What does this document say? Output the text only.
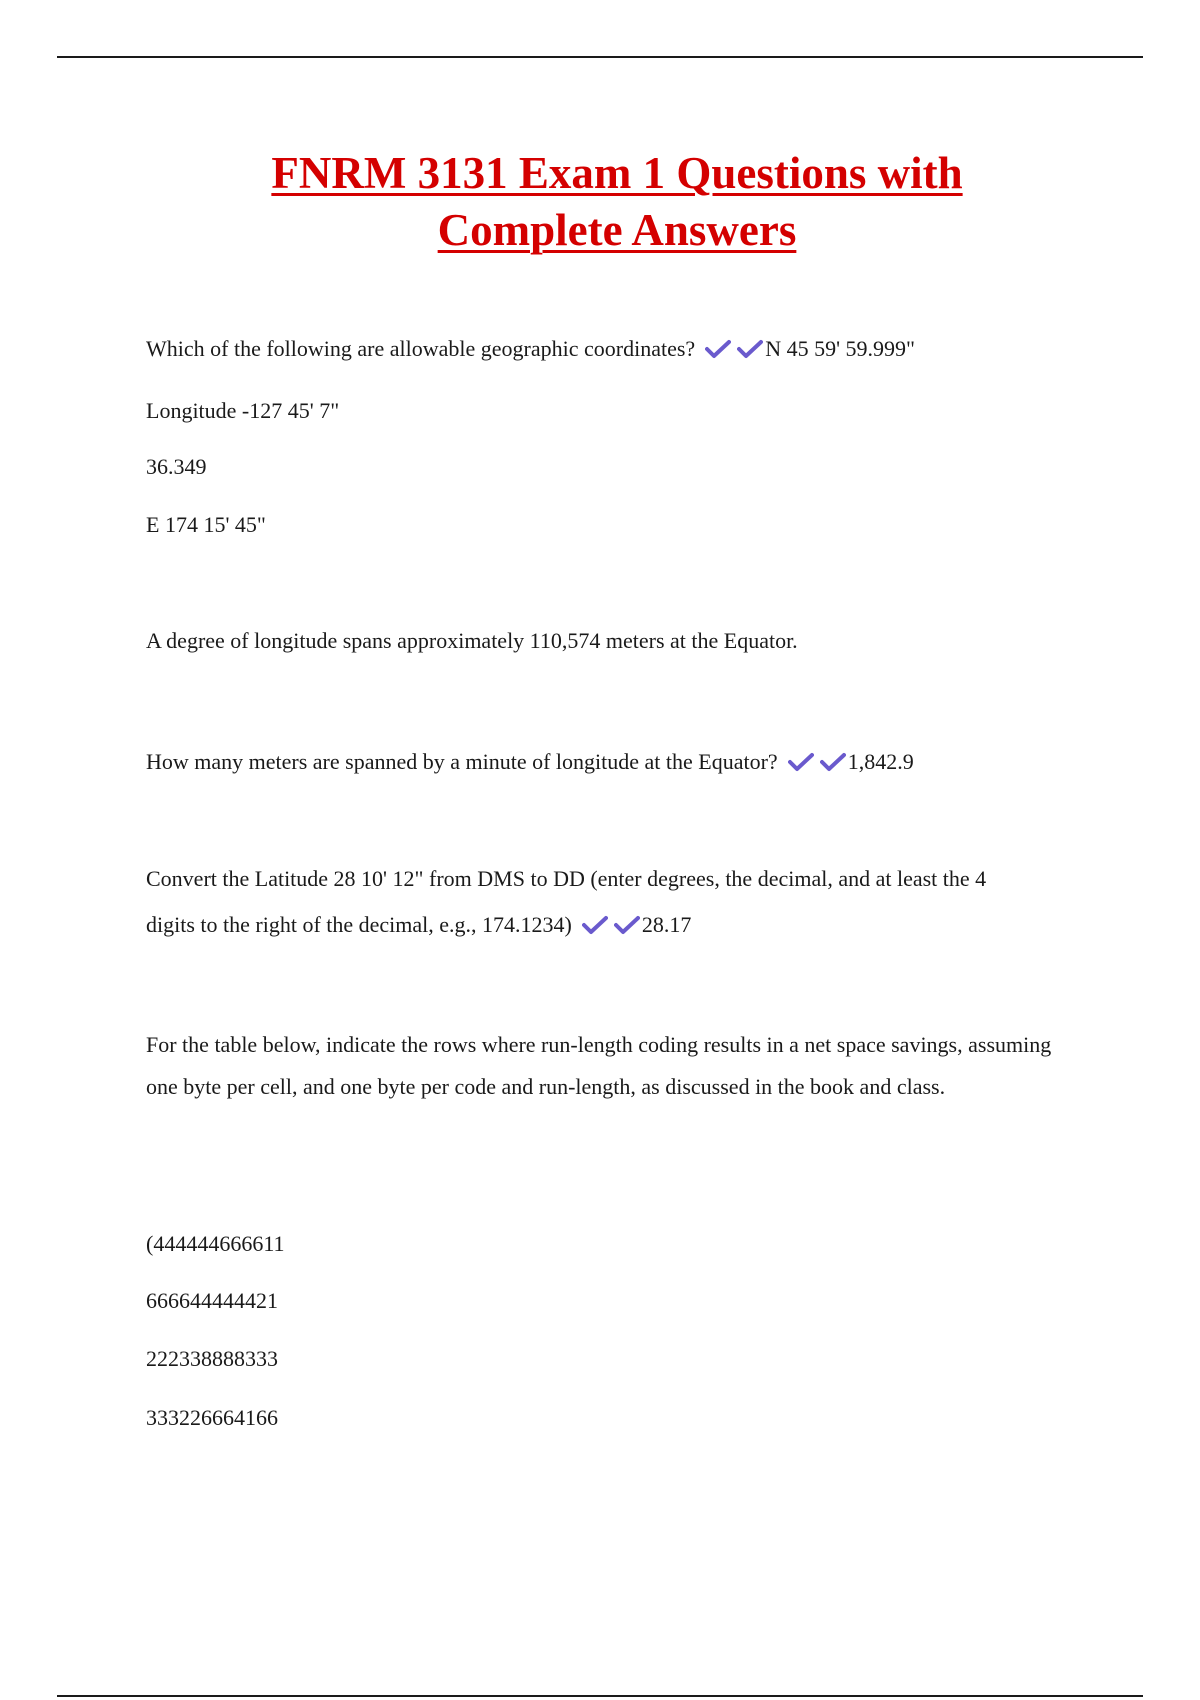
FNRM 3131 Exam 1 Questions with
Complete Answers

Which of the following are allowable geographic coordinates?	N 45 59' 59.999"

Longitude -127 45' 7"

36.349

E 174 15' 45"

A degree of longitude spans approximately 110,574 meters at the Equator.

How many meters are spanned by a minute of longitude at the Equator?	1,842.9

Convert the Latitude 28 10' 12" from DMS to DD (enter degrees, the decimal, and at least the 4

digits to the right of the decimal, e.g., 174.1234)	28.17

For the table below, indicate the rows where run-length coding results in a net space savings, assuming one byte per cell, and one byte per code and run-length, as discussed in the book and class.

(444444666611

666644444421

222338888333

333226664166
